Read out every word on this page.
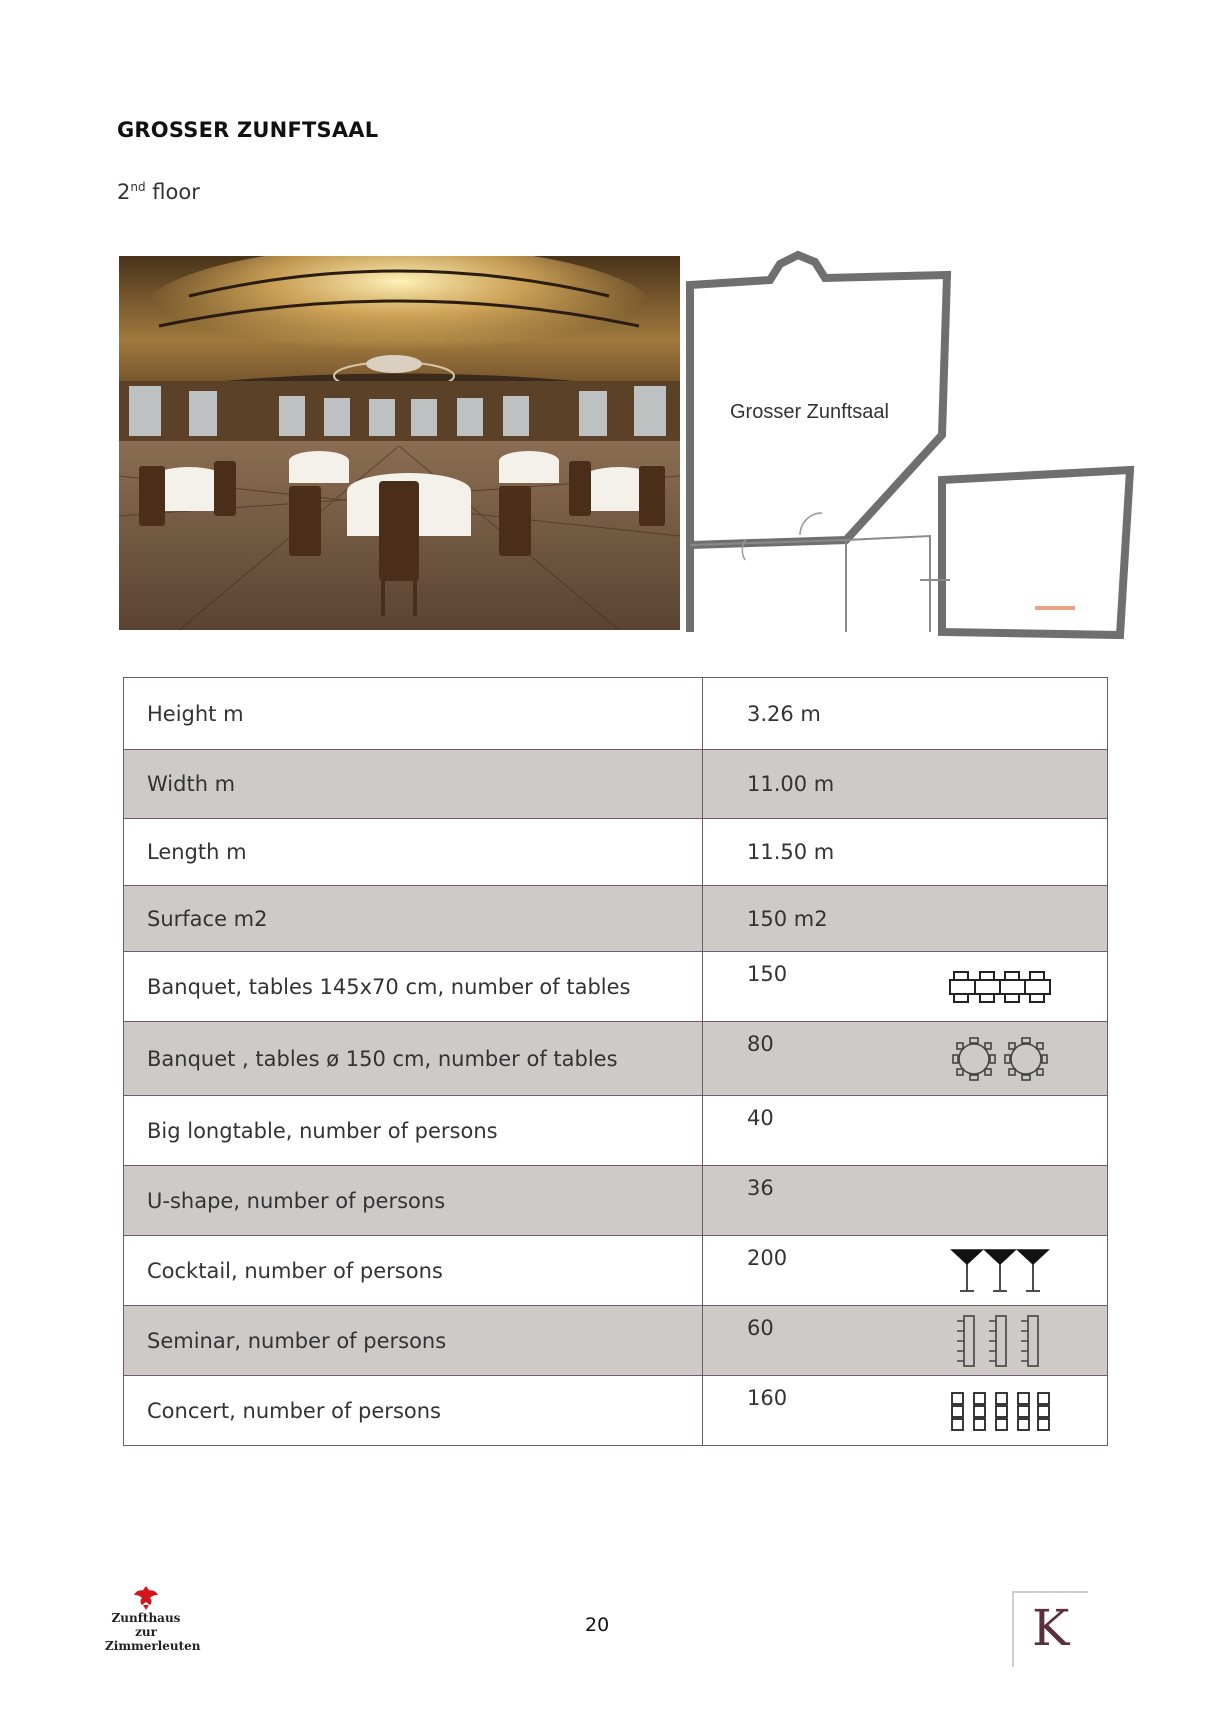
GROSSER ZUNFTSAAL
2nd floor
Grosser Zunftsaal
Height m	3.26 m

Width m	11.00 m

Length m	11.50 m

Surface m2	150 m2

Banquet, tables 145x70 cm, number of tables	150

Banquet , tables ø 150 cm, number of tables	80

Big longtable, number of persons	40

U-shape, number of persons	36

Cocktail, number of persons	200

Seminar, number of persons	60

Concert, number of persons	160
Zunfthaus
zur
Zimmerleuten
20	K
